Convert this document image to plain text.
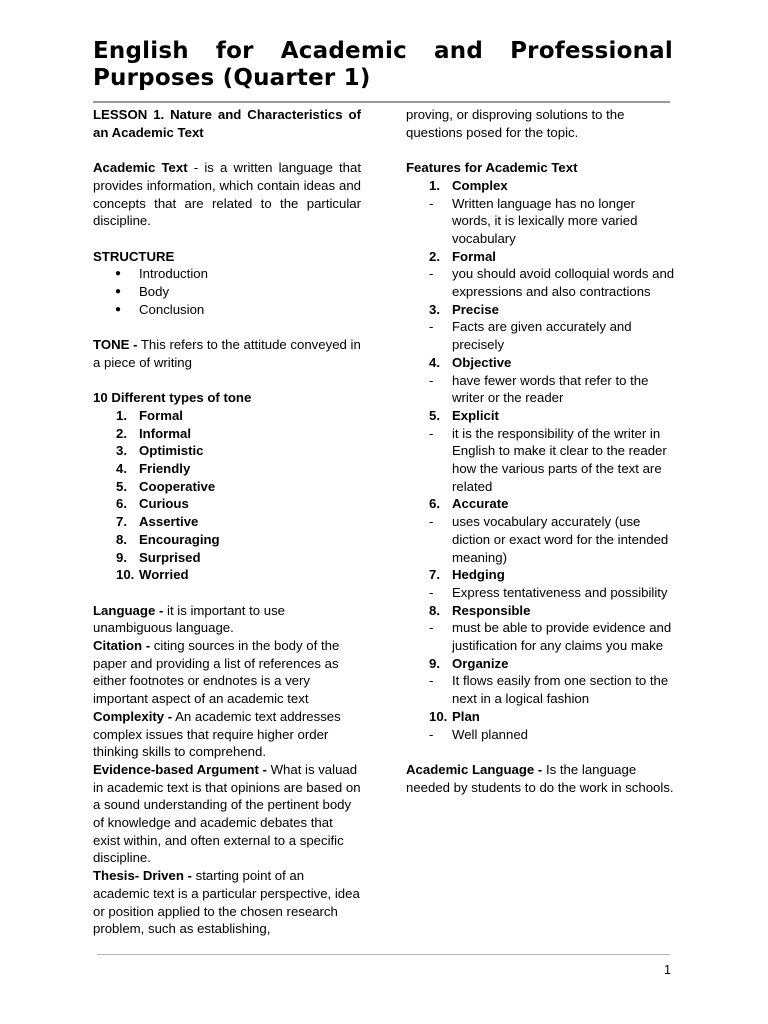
English for Academic and Professional
Purposes (Quarter 1)

LESSON 1. Nature and Characteristics of an Academic Text

Academic Text - is a written language that provides information, which contain ideas and concepts that are related to the particular discipline.

STRUCTURE

● Introduction
● Body
● Conclusion

TONE - This refers to the attitude conveyed in a piece of writing

10 Different types of tone

1. Formal
2. Informal
3. Optimistic
4. Friendly
5. Cooperative
6. Curious
7. Assertive
8. Encouraging
9. Surprised
10. Worried

Language - it is important to use unambiguous language.

Citation - citing sources in the body of the paper and providing a list of references as either footnotes or endnotes is a very important aspect of an academic text

Complexity - An academic text addresses complex issues that require higher order thinking skills to comprehend.

Evidence-based Argument - What is valuad in academic text is that opinions are based on a sound understanding of the pertinent body of knowledge and academic debates that exist within, and often external to a specific discipline.

Thesis- Driven - starting point of an academic text is a particular perspective, idea or position applied to the chosen research problem, such as establishing,

proving, or disproving solutions to the questions posed for the topic.

Features for Academic Text

1. Complex
- Written language has no longer words, it is lexically more varied vocabulary
2. Formal
- you should avoid colloquial words and expressions and also contractions
3. Precise
- Facts are given accurately and precisely
4. Objective
- have fewer words that refer to the writer or the reader
5. Explicit
- it is the responsibility of the writer in English to make it clear to the reader how the various parts of the text are related
6. Accurate
- uses vocabulary accurately (use diction or exact word for the intended meaning)
7. Hedging
- Express tentativeness and possibility
8. Responsible
- must be able to provide evidence and justification for any claims you make
9. Organize
- It flows easily from one section to the next in a logical fashion
10. Plan
- Well planned

Academic Language - Is the language needed by students to do the work in schools.

1
